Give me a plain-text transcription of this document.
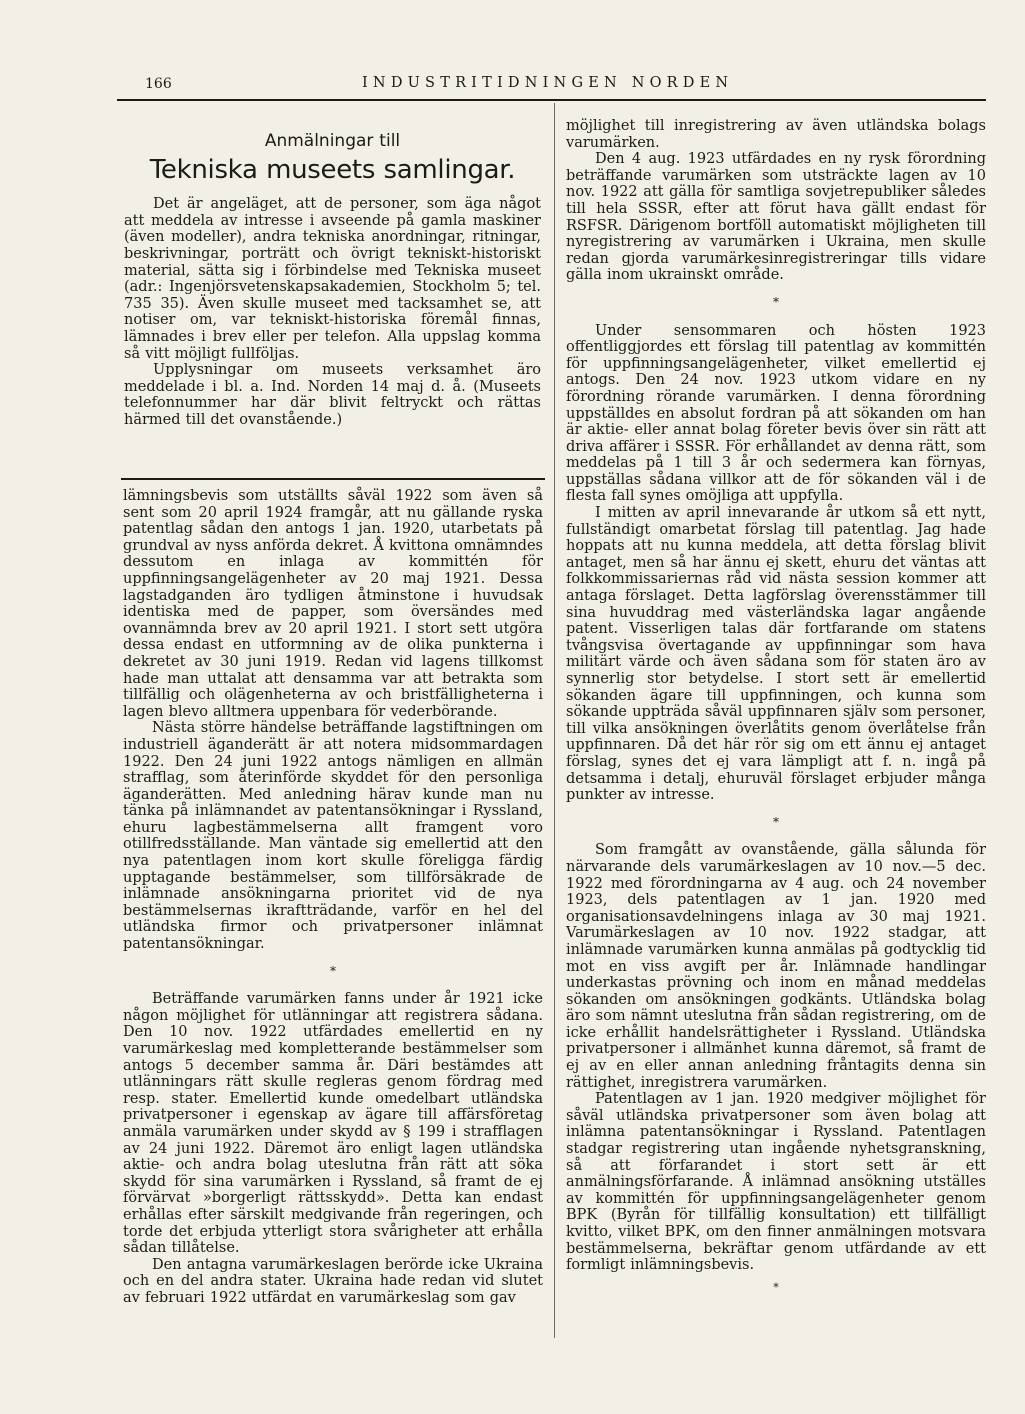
166	INDUSTRITIDNINGEN NORDEN
Anmälningar till
Tekniska museets samlingar.

Det är angeläget, att de personer, som äga något att meddela av intresse i avseende på gamla maskiner (även modeller), andra tekniska anordningar, ritningar, beskrivningar, porträtt och övrigt tekniskt-historiskt material, sätta sig i förbindelse med Tekniska museet (adr.: Ingenjörsvetenskapsakademien, Stockholm 5; tel. 735 35). Även skulle museet med tacksamhet se, att notiser om, var tekniskt-historiska föremål finnas, lämnades i brev eller per telefon. Alla uppslag komma så vitt möjligt fullföljas.

Upplysningar om museets verksamhet äro meddelade i bl. a. Ind. Norden 14 maj d. å. (Museets telefonnummer har där blivit feltryckt och rättas härmed till det ovanstående.)

lämningsbevis som utställts såväl 1922 som även så sent som 20 april 1924 framgår, att nu gällande ryska patentlag sådan den antogs 1 jan. 1920, utarbetats på grundval av nyss anförda dekret. Å kvittona omnämndes dessutom en inlaga av kommittén för uppfinningsangelägenheter av 20 maj 1921. Dessa lagstadganden äro tydligen åtminstone i huvudsak identiska med de papper, som översändes med ovannämnda brev av 20 april 1921. I stort sett utgöra dessa endast en utformning av de olika punkterna i dekretet av 30 juni 1919. Redan vid lagens tillkomst hade man uttalat att densamma var att betrakta som tillfällig och olägenheterna av och bristfälligheterna i lagen blevo alltmera uppenbara för vederbörande.

Nästa större händelse beträffande lagstiftningen om industriell äganderätt är att notera midsommardagen 1922. Den 24 juni 1922 antogs nämligen en allmän strafflag, som återinförde skyddet för den personliga äganderätten. Med anledning härav kunde man nu tänka på inlämnandet av patentansökningar i Ryssland, ehuru lagbestämmelserna allt framgent voro otillfredsställande. Man väntade sig emellertid att den nya patentlagen inom kort skulle föreligga färdig upptagande bestämmelser, som tillförsäkrade de inlämnade ansökningarna prioritet vid de nya bestämmelsernas ikraftträdande, varför en hel del utländska firmor och privatpersoner inlämnat patentansökningar.

*

Beträffande varumärken fanns under år 1921 icke någon möjlighet för utlänningar att registrera sådana. Den 10 nov. 1922 utfärdades emellertid en ny varumärkeslag med kompletterande bestämmelser som antogs 5 december samma år. Däri bestämdes att utlänningars rätt skulle regleras genom fördrag med resp. stater. Emellertid kunde omedelbart utländska privatpersoner i egenskap av ägare till affärsföretag anmäla varumärken under skydd av § 199 i strafflagen av 24 juni 1922. Däremot äro enligt lagen utländska aktie- och andra bolag uteslutna från rätt att söka skydd för sina varumärken i Ryssland, så framt de ej förvärvat »borgerligt rättsskydd». Detta kan endast erhållas efter särskilt medgivande från regeringen, och torde det erbjuda ytterligt stora svårigheter att erhålla sådan tillåtelse.

Den antagna varumärkeslagen berörde icke Ukraina och en del andra stater. Ukraina hade redan vid slutet av februari 1922 utfärdat en varumärkeslag som gav

möjlighet till inregistrering av även utländska bolags varumärken.

Den 4 aug. 1923 utfärdades en ny rysk förordning beträffande varumärken som utsträckte lagen av 10 nov. 1922 att gälla för samtliga sovjetrepubliker således till hela SSSR, efter att förut hava gällt endast för RSFSR. Därigenom bortföll automatiskt möjligheten till nyregistrering av varumärken i Ukraina, men skulle redan gjorda varumärkesinregistreringar tills vidare gälla inom ukrainskt område.

*

Under sensommaren och hösten 1923 offentliggjordes ett förslag till patentlag av kommittén för uppfinningsangelägenheter, vilket emellertid ej antogs. Den 24 nov. 1923 utkom vidare en ny förordning rörande varumärken. I denna förordning uppställdes en absolut fordran på att sökanden om han är aktie- eller annat bolag företer bevis över sin rätt att driva affärer i SSSR. För erhållandet av denna rätt, som meddelas på 1 till 3 år och sedermera kan förnyas, uppställas sådana villkor att de för sökanden väl i de flesta fall synes omöjliga att uppfylla.

I mitten av april innevarande år utkom så ett nytt, fullständigt omarbetat förslag till patentlag. Jag hade hoppats att nu kunna meddela, att detta förslag blivit antaget, men så har ännu ej skett, ehuru det väntas att folkkommissariernas råd vid nästa session kommer att antaga förslaget. Detta lagförslag överensstämmer till sina huvuddrag med västerländska lagar angående patent. Visserligen talas där fortfarande om statens tvångsvisa övertagande av uppfinningar som hava militärt värde och även sådana som för staten äro av synnerlig stor betydelse. I stort sett är emellertid sökanden ägare till uppfinningen, och kunna som sökande uppträda såväl uppfinnaren själv som personer, till vilka ansökningen överlåtits genom överlåtelse från uppfinnaren. Då det här rör sig om ett ännu ej antaget förslag, synes det ej vara lämpligt att f. n. ingå på detsamma i detalj, ehuruväl förslaget erbjuder många punkter av intresse.

*

Som framgått av ovanstående, gälla sålunda för närvarande dels varumärkeslagen av 10 nov.—5 dec. 1922 med förordningarna av 4 aug. och 24 november 1923, dels patentlagen av 1 jan. 1920 med organisationsavdelningens inlaga av 30 maj 1921. Varumärkeslagen av 10 nov. 1922 stadgar, att inlämnade varumärken kunna anmälas på godtycklig tid mot en viss avgift per år. Inlämnade handlingar underkastas prövning och inom en månad meddelas sökanden om ansökningen godkänts. Utländska bolag äro som nämnt uteslutna från sådan registrering, om de icke erhållit handelsrättigheter i Ryssland. Utländska privatpersoner i allmänhet kunna däremot, så framt de ej av en eller annan anledning fråntagits denna sin rättighet, inregistrera varumärken.

Patentlagen av 1 jan. 1920 medgiver möjlighet för såväl utländska privatpersoner som även bolag att inlämna patentansökningar i Ryssland. Patentlagen stadgar registrering utan ingående nyhetsgranskning, så att förfarandet i stort sett är ett anmälningsförfarande. Å inlämnad ansökning utställes av kommittén för uppfinningsangelägenheter genom BPK (Byrån för tillfällig konsultation) ett tillfälligt kvitto, vilket BPK, om den finner anmälningen motsvara bestämmelserna, bekräftar genom utfärdande av ett formligt inlämningsbevis.

*
